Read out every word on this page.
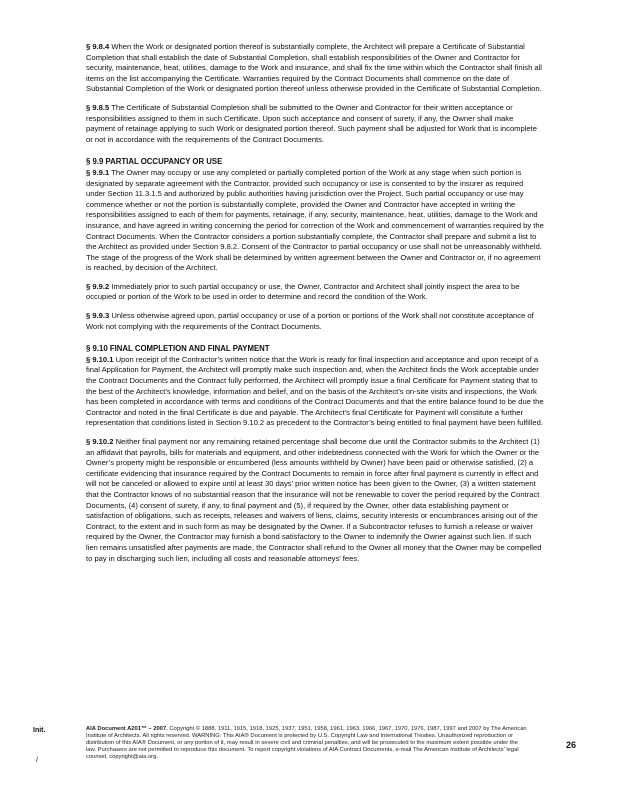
§ 9.8.4 When the Work or designated portion thereof is substantially complete, the Architect will prepare a Certificate of Substantial Completion that shall establish the date of Substantial Completion, shall establish responsibilities of the Owner and Contractor for security, maintenance, heat, utilities, damage to the Work and insurance, and shall fix the time within which the Contractor shall finish all items on the list accompanying the Certificate. Warranties required by the Contract Documents shall commence on the date of Substantial Completion of the Work or designated portion thereof unless otherwise provided in the Certificate of Substantial Completion.

§ 9.8.5 The Certificate of Substantial Completion shall be submitted to the Owner and Contractor for their written acceptance or responsibilities assigned to them in such Certificate. Upon such acceptance and consent of surety, if any, the Owner shall make payment of retainage applying to such Work or designated portion thereof. Such payment shall be adjusted for Work that is incomplete or not in accordance with the requirements of the Contract Documents.

§ 9.9 PARTIAL OCCUPANCY OR USE

§ 9.9.1 The Owner may occupy or use any completed or partially completed portion of the Work at any stage when such portion is designated by separate agreement with the Contractor, provided such occupancy or use is consented to by the insurer as required under Section 11.3.1.5 and authorized by public authorities having jurisdiction over the Project. Such partial occupancy or use may commence whether or not the portion is substantially complete, provided the Owner and Contractor have accepted in writing the responsibilities assigned to each of them for payments, retainage, if any, security, maintenance, heat, utilities, damage to the Work and insurance, and have agreed in writing concerning the period for correction of the Work and commencement of warranties required by the Contract Documents. When the Contractor considers a portion substantially complete, the Contractor shall prepare and submit a list to the Architect as provided under Section 9.8.2. Consent of the Contractor to partial occupancy or use shall not be unreasonably withheld. The stage of the progress of the Work shall be determined by written agreement between the Owner and Contractor or, if no agreement is reached, by decision of the Architect.

§ 9.9.2 Immediately prior to such partial occupancy or use, the Owner, Contractor and Architect shall jointly inspect the area to be occupied or portion of the Work to be used in order to determine and record the condition of the Work.

§ 9.9.3 Unless otherwise agreed upon, partial occupancy or use of a portion or portions of the Work shall not constitute acceptance of Work not complying with the requirements of the Contract Documents.

§ 9.10 FINAL COMPLETION AND FINAL PAYMENT

§ 9.10.1 Upon receipt of the Contractor’s written notice that the Work is ready for final inspection and acceptance and upon receipt of a final Application for Payment, the Architect will promptly make such inspection and, when the Architect finds the Work acceptable under the Contract Documents and the Contract fully performed, the Architect will promptly issue a final Certificate for Payment stating that to the best of the Architect’s knowledge, information and belief, and on the basis of the Architect’s on-site visits and inspections, the Work has been completed in accordance with terms and conditions of the Contract Documents and that the entire balance found to be due the Contractor and noted in the final Certificate is due and payable. The Architect’s final Certificate for Payment will constitute a further representation that conditions listed in Section 9.10.2 as precedent to the Contractor’s being entitled to final payment have been fulfilled.

§ 9.10.2 Neither final payment nor any remaining retained percentage shall become due until the Contractor submits to the Architect (1) an affidavit that payrolls, bills for materials and equipment, and other indebtedness connected with the Work for which the Owner or the Owner’s property might be responsible or encumbered (less amounts withheld by Owner) have been paid or otherwise satisfied, (2) a certificate evidencing that insurance required by the Contract Documents to remain in force after final payment is currently in effect and will not be canceled or allowed to expire until at least 30 days’ prior written notice has been given to the Owner, (3) a written statement that the Contractor knows of no substantial reason that the insurance will not be renewable to cover the period required by the Contract Documents, (4) consent of surety, if any, to final payment and (5), if required by the Owner, other data establishing payment or satisfaction of obligations, such as receipts, releases and waivers of liens, claims, security interests or encumbrances arising out of the Contract, to the extent and in such form as may be designated by the Owner. If a Subcontractor refuses to furnish a release or waiver required by the Owner, the Contractor may furnish a bond satisfactory to the Owner to indemnify the Owner against such lien. If such lien remains unsatisfied after payments are made, the Contractor shall refund to the Owner all money that the Owner may be compelled to pay in discharging such lien, including all costs and reasonable attorneys’ fees.

Init.
/
AIA Document A201™ – 2007. Copyright © 1888, 1911, 1915, 1918, 1925, 1937, 1951, 1958, 1961, 1963, 1966, 1967, 1970, 1976, 1987, 1997 and 2007 by The American Institute of Architects. All rights reserved. WARNING: This AIA® Document is protected by U.S. Copyright Law and International Treaties. Unauthorized reproduction or distribution of this AIA® Document, or any portion of it, may result in severe civil and criminal penalties, and will be prosecuted to the maximum extent possible under the law. Purchasers are not permitted to reproduce this document. To report copyright violations of AIA Contract Documents, e-mail The American Institute of Architects’ legal counsel, copyright@aia.org.
26
